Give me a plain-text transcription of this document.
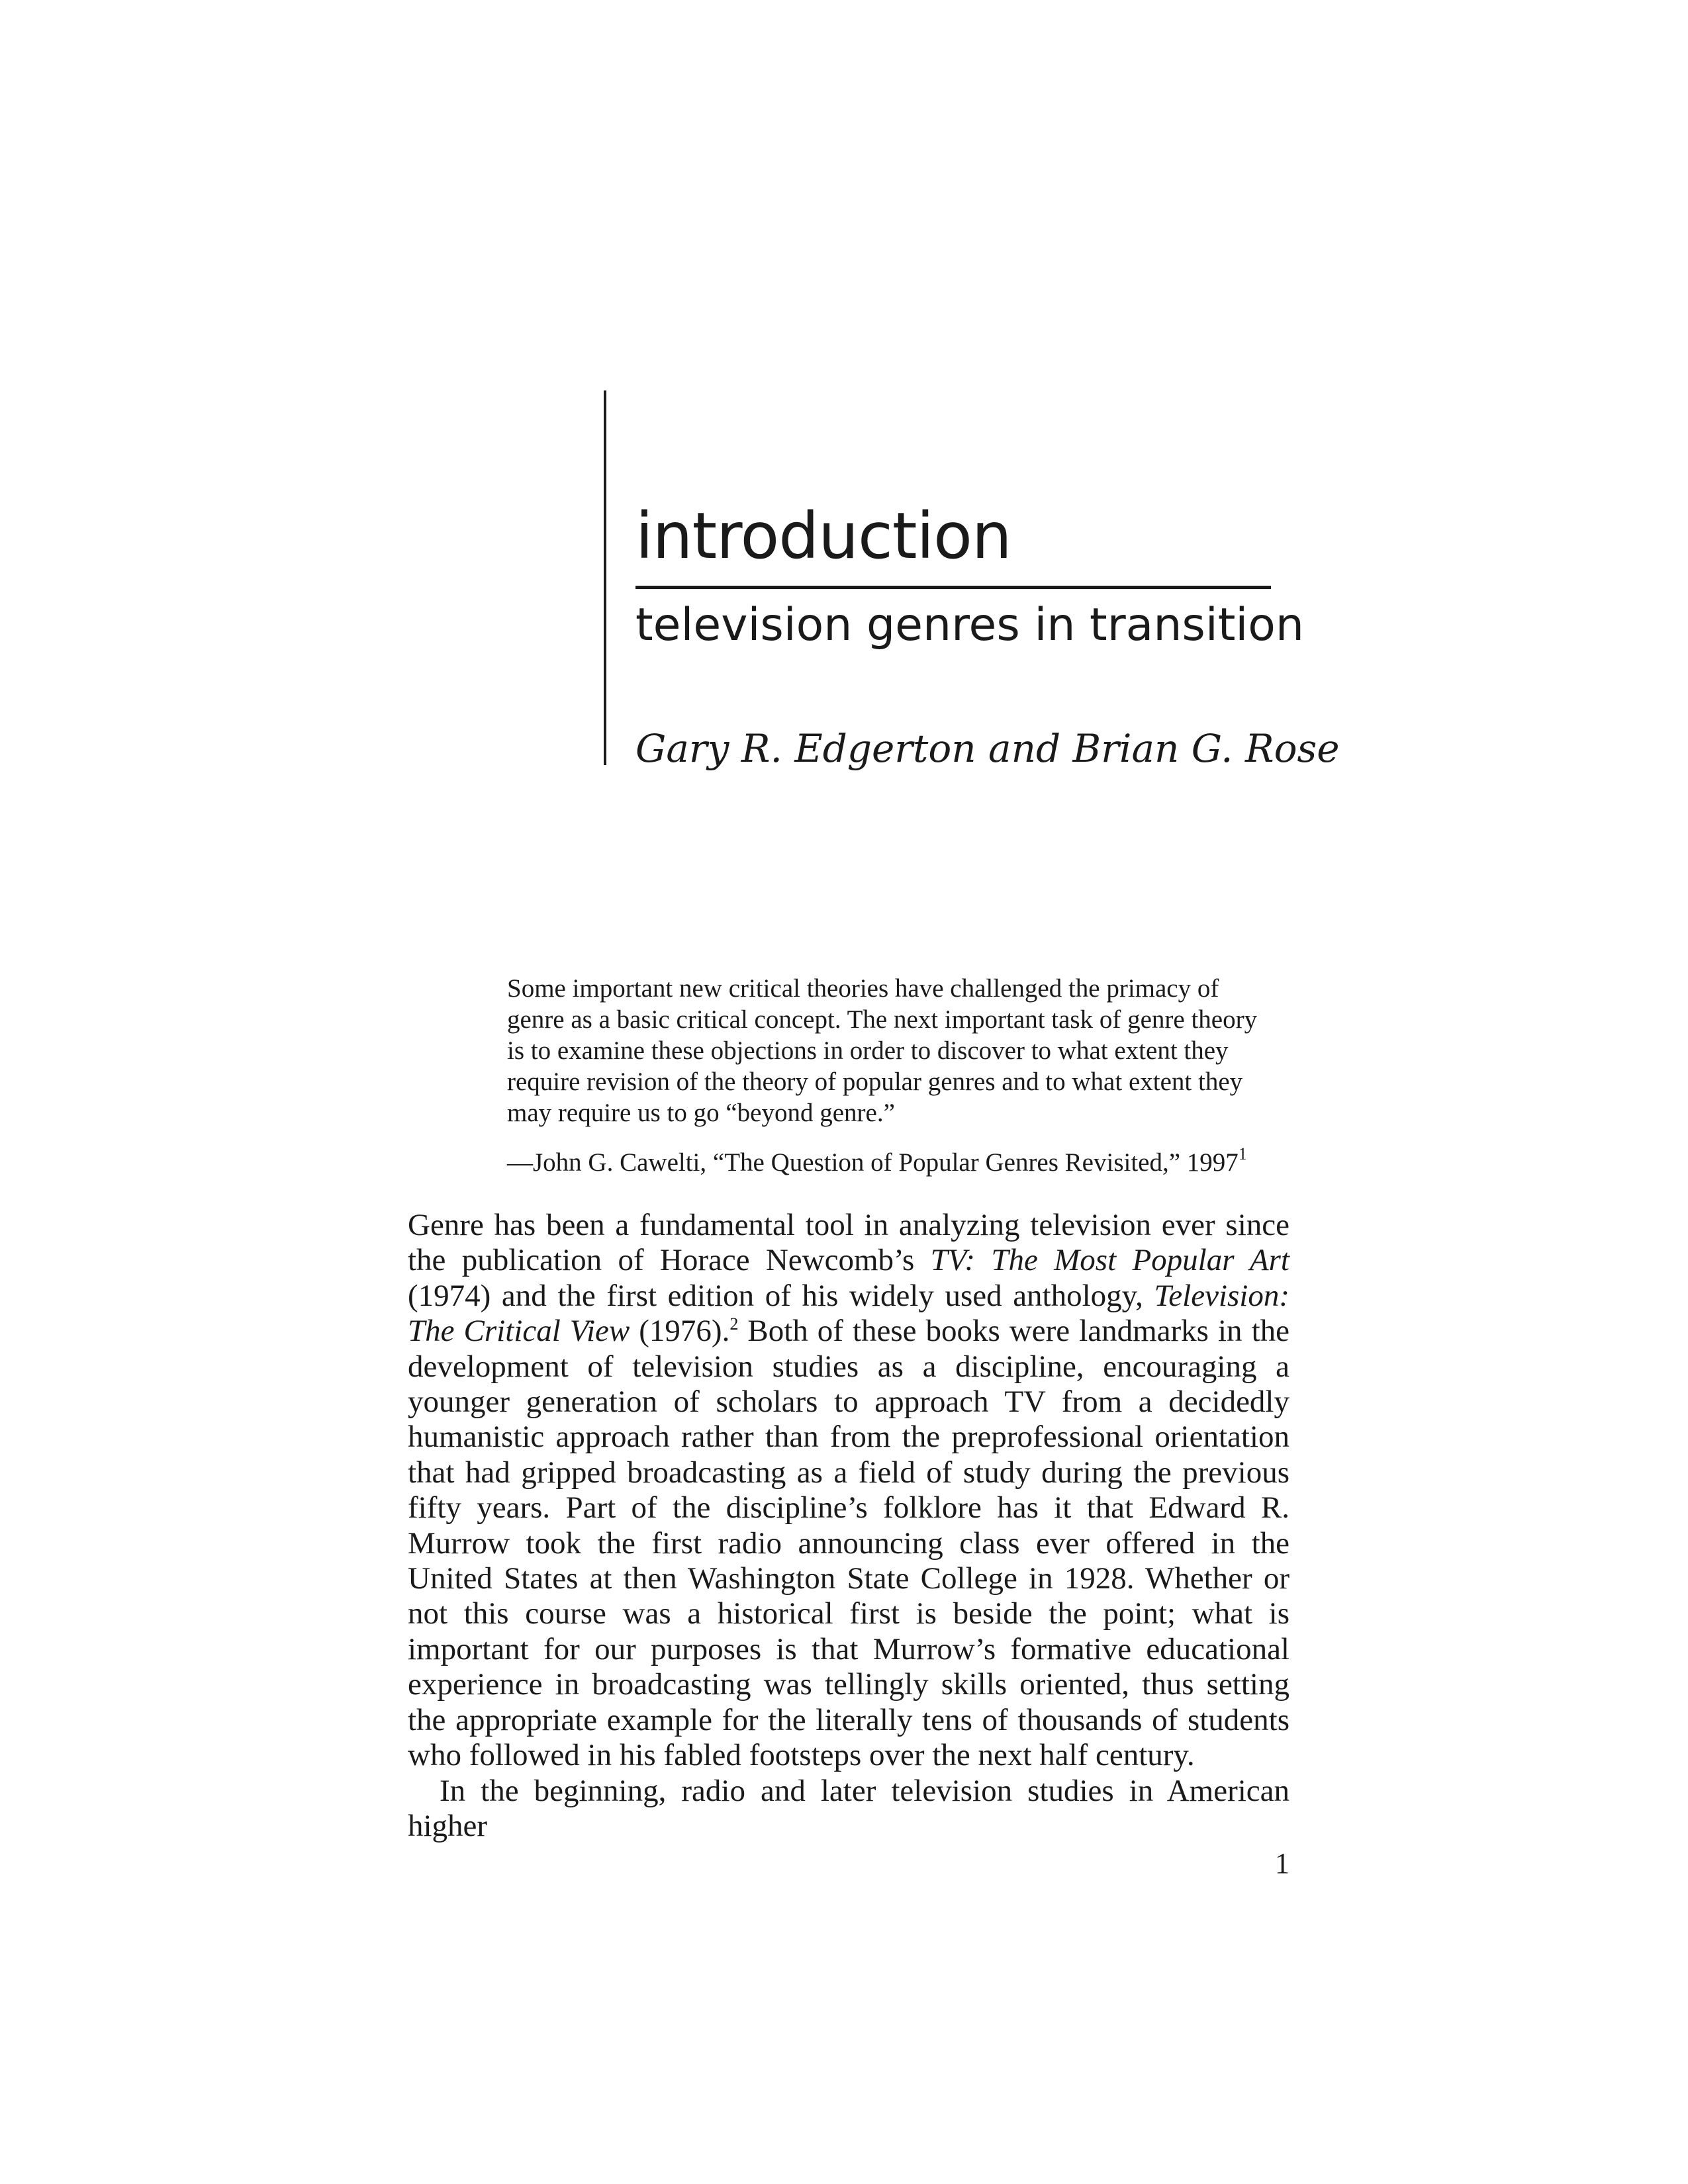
introduction
television genres in transition

Gary R. Edgerton and Brian G. Rose

Some important new critical theories have challenged the primacy of genre as a basic critical concept. The next important task of genre theory is to examine these objections in order to discover to what extent they require revision of the theory of popular genres and to what extent they may require us to go “beyond genre.”

—John G. Cawelti, “The Question of Popular Genres Revisited,” 1997$^1$

Genre has been a fundamental tool in analyzing television ever since the publication of Horace Newcomb’s TV: The Most Popular Art (1974) and the first edition of his widely used anthology, Television: The Critical View (1976).$^2$ Both of these books were landmarks in the development of television studies as a discipline, encouraging a younger generation of scholars to approach TV from a decidedly humanistic approach rather than from the preprofessional orientation that had gripped broadcasting as a field of study during the previous fifty years. Part of the discipline’s folklore has it that Edward R. Murrow took the first radio announcing class ever offered in the United States at then Washington State College in 1928. Whether or not this course was a historical first is beside the point; what is important for our purposes is that Murrow’s formative educational experience in broadcasting was tellingly skills oriented, thus setting the appropriate example for the literally tens of thousands of students who followed in his fabled footsteps over the next half century.

In the beginning, radio and later television studies in American higher

1
